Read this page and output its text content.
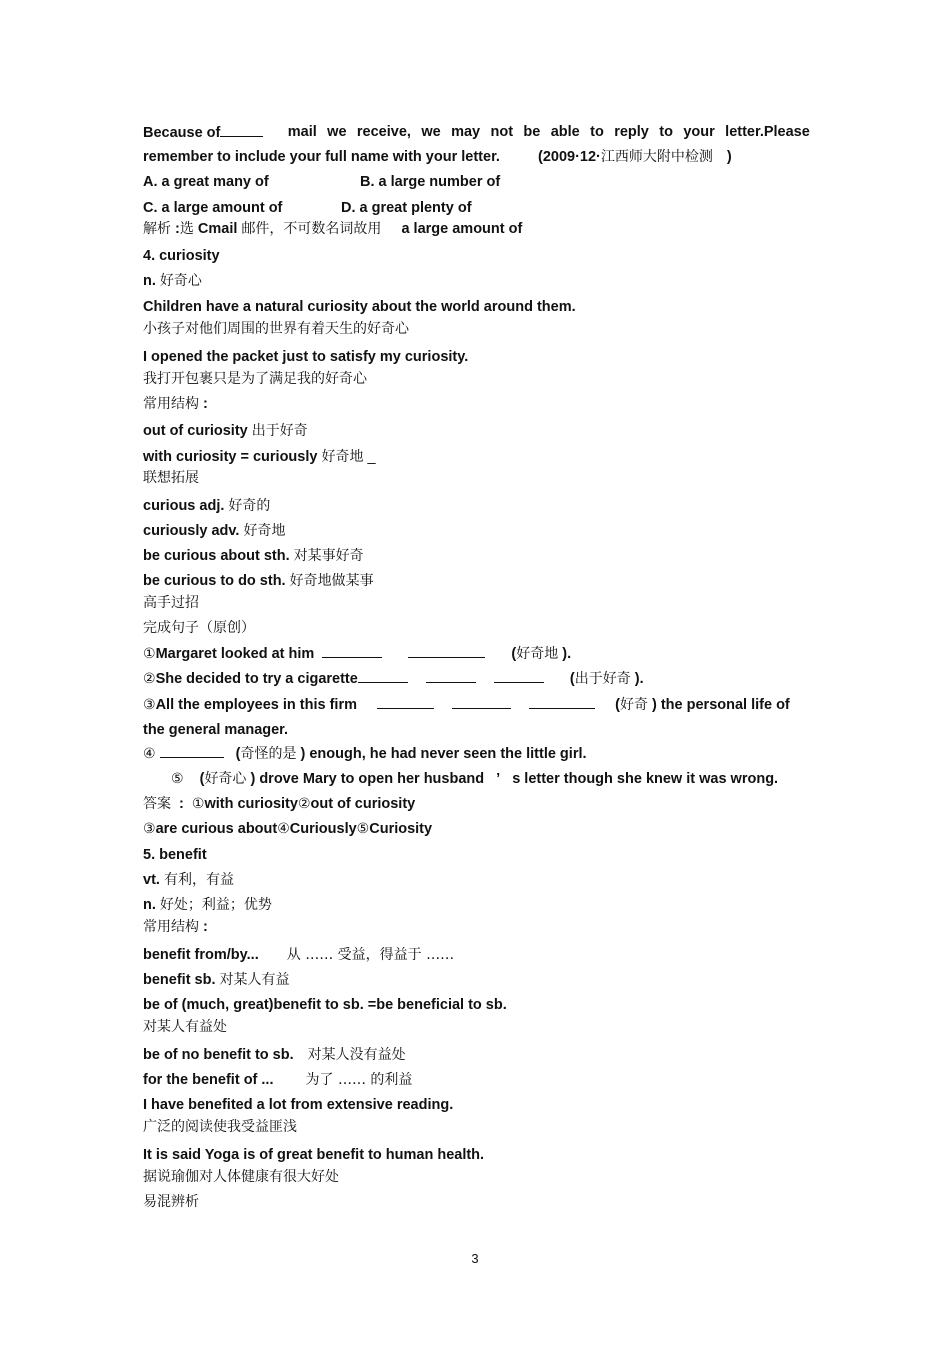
Because of	mail we receive, we may not be able to reply to your letter.Please
remember to include your full name with your letter.	(2009·12·江西师大附中检测 )
A. a great many of	B. a large number of
C. a large amount of	D. a great plenty of
解析 :选 Cmail 邮件，不可数名词故用 a large amount of
4. curiosity
n. 好奇心
Children have a natural curiosity about the world around them.
小孩子对他们周围的世界有着天生的好奇心
I opened the packet just to satisfy my curiosity.
我打开包裹只是为了满足我的好奇心
常用结构 :
out of curiosity 出于好奇
with curiosity = curiously 好奇地 _
联想拓展
curious adj. 好奇的
curiously adv. 好奇地
be curious about sth. 对某事好奇
be curious to do sth. 好奇地做某事
高手过招
完成句子（原创）
①Margaret looked at him	(好奇地 ).
②She decided to try a cigarette	(出于好奇 ).
③All the employees in this firm	(好奇 ) the personal life of
the general manager.
④	(奇怪的是 ) enough, he had never seen the little girl.
⑤ (好奇心 ) drove Mary to open her husband ’ s letter though she knew it was wrong.
答案 : ①with curiosity②out of curiosity
③are curious about④Curiously⑤Curiosity
5. benefit
vt. 有利，有益
n. 好处；利益；优势
常用结构 :
benefit from/by... 从 …… 受益，得益于 ……
benefit sb. 对某人有益
be of (much, great)benefit to sb. =be beneficial to sb.
对某人有益处
be of no benefit to sb. 对某人没有益处
for the benefit of ... 为了 …… 的利益
I have benefited a lot from extensive reading.
广泛的阅读使我受益匪浅
It is said Yoga is of great benefit to human health.
据说瑜伽对人体健康有很大好处
易混辨析
3
